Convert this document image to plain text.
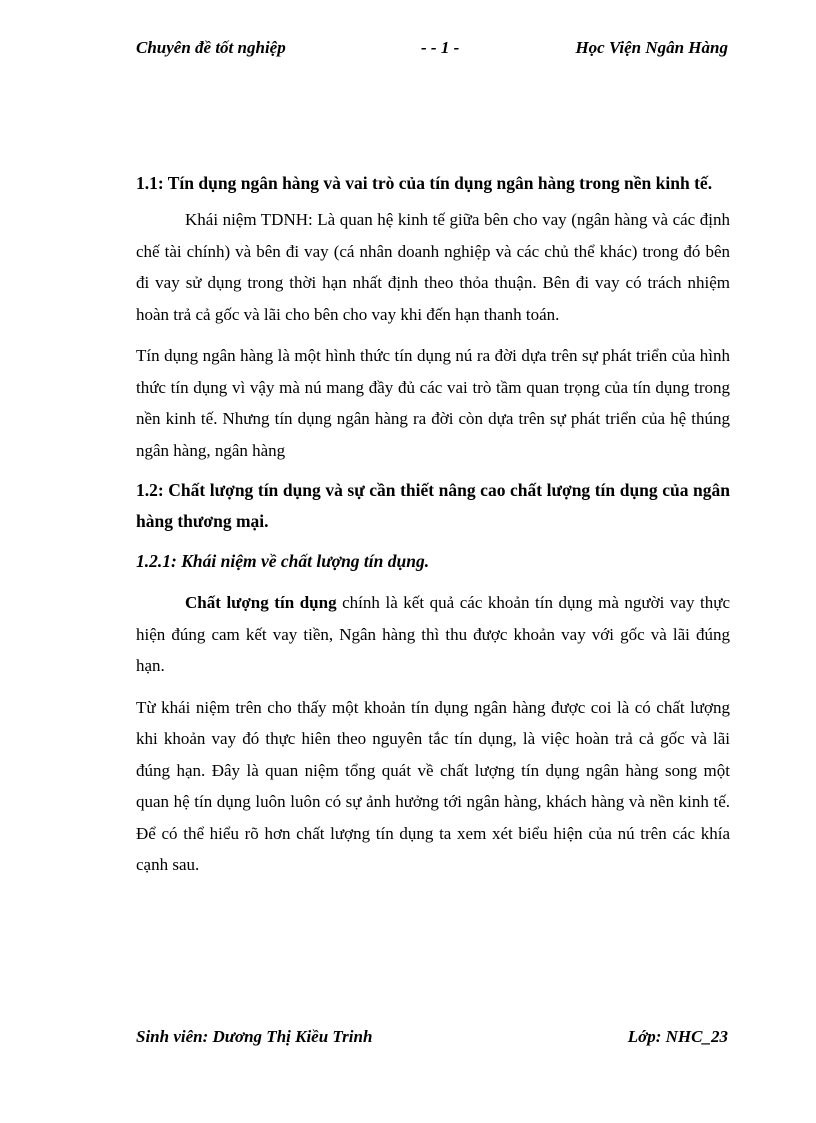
Chuyên đề tốt nghiệp	- - 1 -	Học Viện Ngân Hàng
1.1: Tín dụng ngân hàng và vai trò của tín dụng ngân hàng trong nền kinh tế.

Khái niệm TDNH: Là quan hệ kinh tế giữa bên cho vay (ngân hàng và các định chế tài chính) và bên đi vay (cá nhân doanh nghiệp và các chủ thể khác) trong đó bên đi vay sử dụng trong thời hạn nhất định theo thỏa thuận. Bên đi vay có trách nhiệm hoàn trả cả gốc và lãi cho bên cho vay khi đến hạn thanh toán.

Tín dụng ngân hàng là một hình thức tín dụng nú ra đời dựa trên sự phát triển của hình thức tín dụng vì vậy mà nú mang đầy đủ các vai trò tầm quan trọng của tín dụng trong nền kinh tế. Nhưng tín dụng ngân hàng ra đời còn dựa trên sự phát triển của hệ thúng ngân hàng, ngân hàng

1.2: Chất lượng tín dụng và sự cần thiết nâng cao chất lượng tín dụng của ngân hàng thương mại.
1.2.1: Khái niệm về chất lượng tín dụng.

Chất lượng tín dụng chính là kết quả các khoản tín dụng mà người vay thực hiện đúng cam kết vay tiền, Ngân hàng thì thu được khoản vay với gốc và lãi đúng hạn.

Từ khái niệm trên cho thấy một khoản tín dụng ngân hàng được coi là có chất lượng khi khoản vay đó thực hiên theo nguyên tắc tín dụng, là việc hoàn trả cả gốc và lãi đúng hạn. Đây là quan niệm tổng quát về chất lượng tín dụng ngân hàng song một quan hệ tín dụng luôn luôn có sự ảnh hưởng tới ngân hàng, khách hàng và nền kinh tế. Để có thể hiểu rõ hơn chất lượng tín dụng ta xem xét biểu hiện của nú trên các khía cạnh sau.

Sinh viên: Dương Thị Kiều Trinh	Lớp: NHC_23
